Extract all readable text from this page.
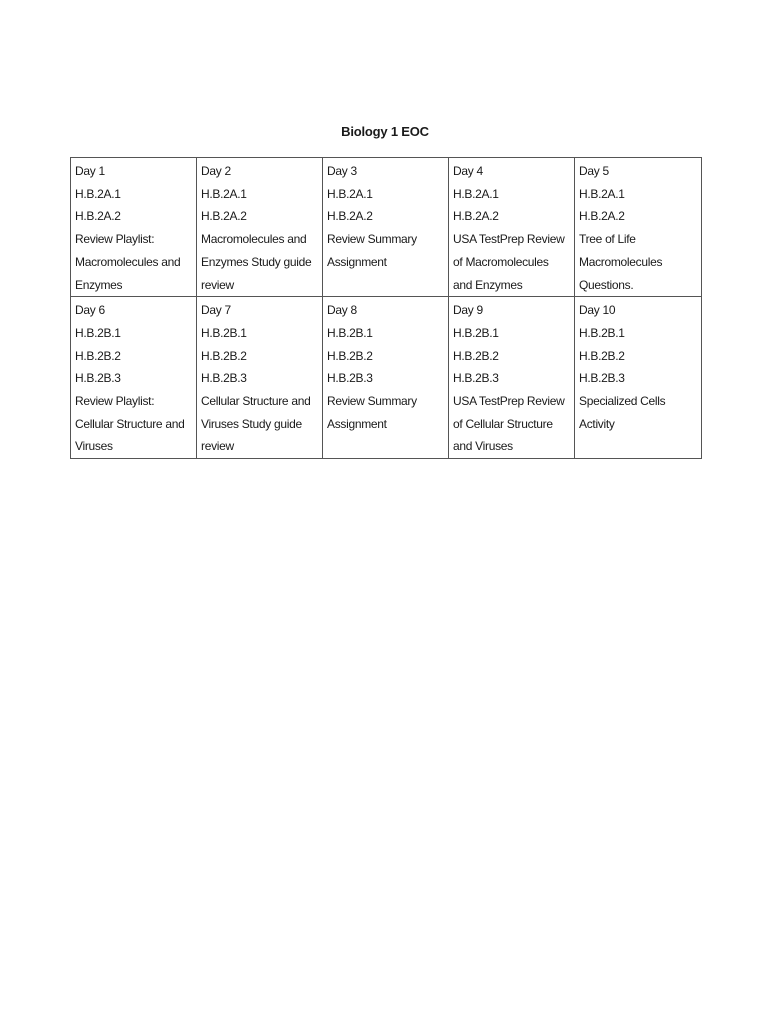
Biology 1 EOC
Day 1
H.B.2A.1
H.B.2A.2
Review Playlist: Macromolecules and Enzymes	Day 2
H.B.2A.1
H.B.2A.2
Macromolecules and Enzymes Study guide review	Day 3
H.B.2A.1
H.B.2A.2
Review Summary Assignment	Day 4
H.B.2A.1
H.B.2A.2
USA TestPrep Review of Macromolecules and Enzymes	Day 5
H.B.2A.1
H.B.2A.2
Tree of Life Macromolecules Questions.

Day 6
H.B.2B.1
H.B.2B.2
H.B.2B.3
Review Playlist: Cellular Structure and Viruses	Day 7
H.B.2B.1
H.B.2B.2
H.B.2B.3
Cellular Structure and Viruses Study guide review	Day 8
H.B.2B.1
H.B.2B.2
H.B.2B.3
Review Summary Assignment	Day 9
H.B.2B.1
H.B.2B.2
H.B.2B.3
USA TestPrep Review of Cellular Structure and Viruses	Day 10
H.B.2B.1
H.B.2B.2
H.B.2B.3
Specialized Cells Activity
